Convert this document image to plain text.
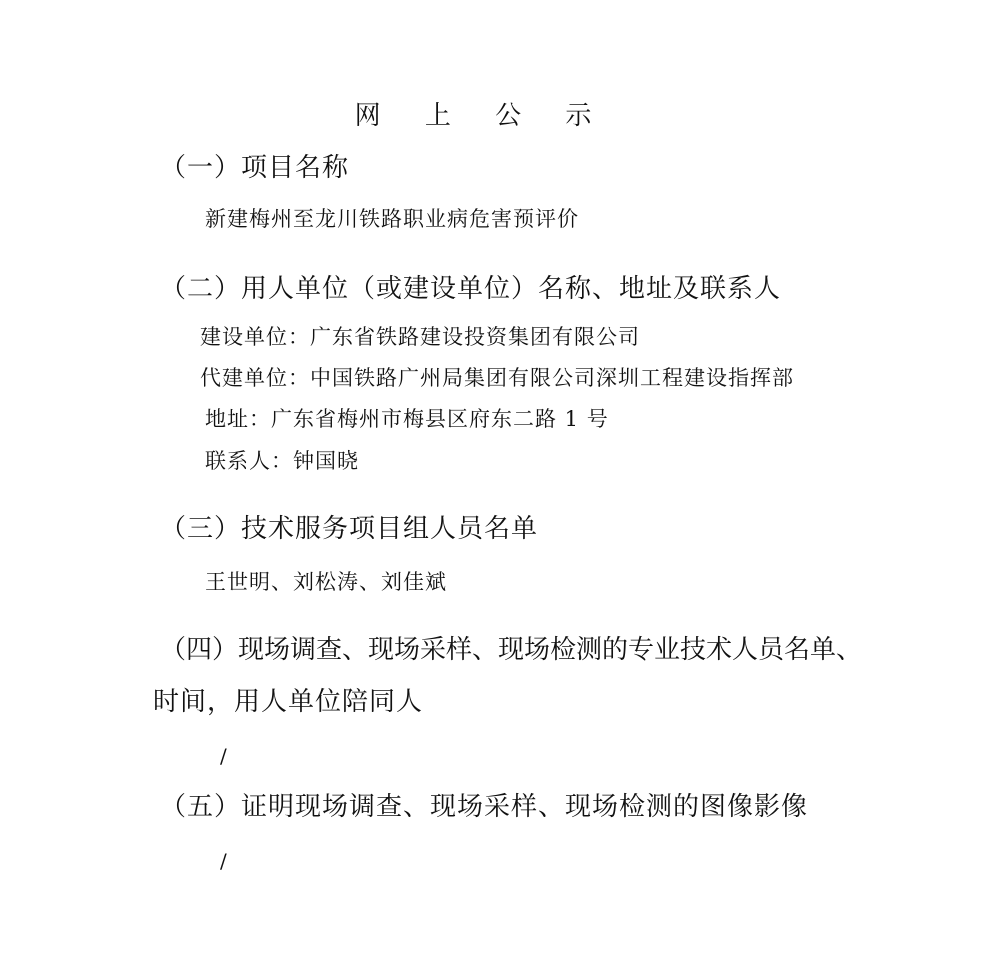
网 上 公 示
（一）项目名称
新建梅州至龙川铁路职业病危害预评价
（二）用人单位（或建设单位）名称、地址及联系人
建设单位：广东省铁路建设投资集团有限公司
代建单位：中国铁路广州局集团有限公司深圳工程建设指挥部
地址：广东省梅州市梅县区府东二路 1 号
联系人：钟国晓
（三）技术服务项目组人员名单
王世明、刘松涛、刘佳斌
（四）现场调查、现场采样、现场检测的专业技术人员名单、
时间，用人单位陪同人
/
（五）证明现场调查、现场采样、现场检测的图像影像
/
